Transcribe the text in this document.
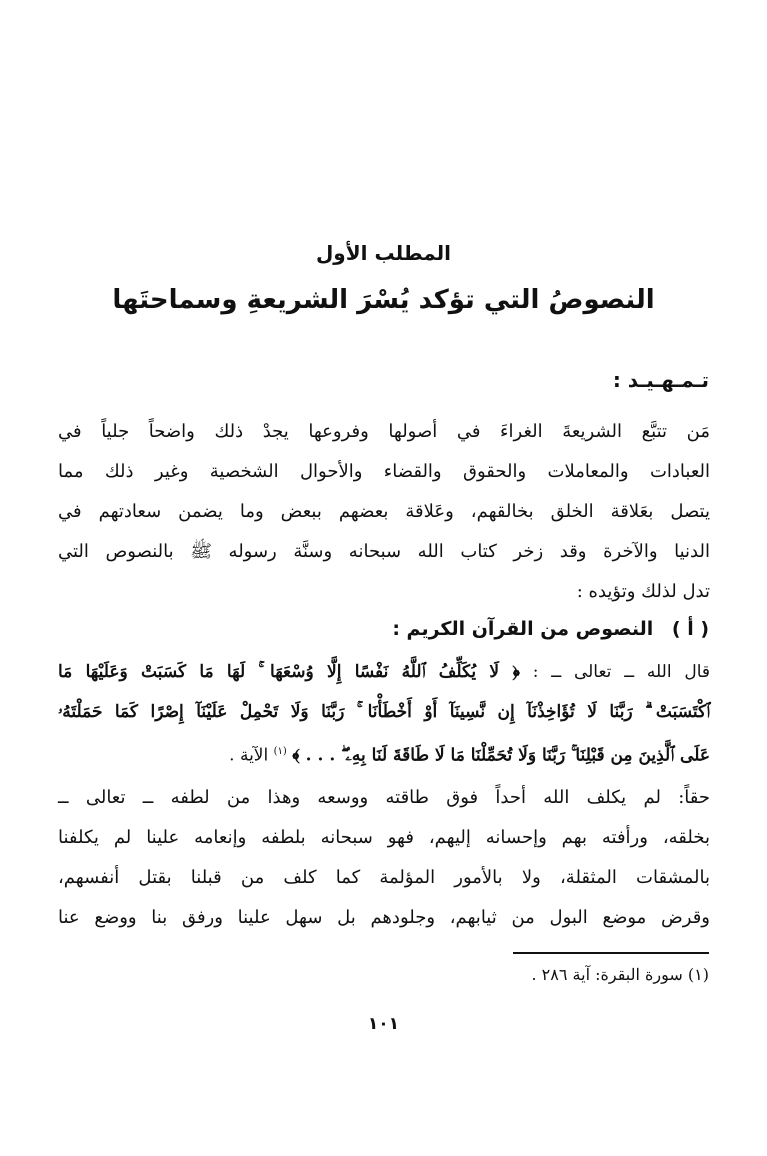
المطلب الأول
النصوصُ التي تؤكد يُسْرَ الشريعةِ وسماحتَها
تـمـهـيـد :
مَن تتبَّع الشريعةَ الغراءَ في أصولها وفروعها يجدْ ذلك واضحاً جلياً في
العبادات والمعاملات والحقوق والقضاء والأحوال الشخصية وغير ذلك مما
يتصل بعَلاقة الخلق بخالقهم، وعَلاقة بعضهم ببعض وما يضمن سعادتهم في
الدنيا والآخرة وقد زخر كتاب الله سبحانه وسنَّة رسوله ﷺ بالنصوص التي
تدل لذلك وتؤيده :
( أ ) النصوص من القرآن الكريم :
قال الله ــ تعالى ــ : ﴿ لَا يُكَلِّفُ ٱللَّهُ نَفْسًا إِلَّا وُسْعَهَا ۚ لَهَا مَا كَسَبَتْ وَعَلَيْهَا مَا
ٱكْتَسَبَتْ ۗ رَبَّنَا لَا تُؤَاخِذْنَآ إِن نَّسِينَآ أَوْ أَخْطَأْنَا ۚ رَبَّنَا وَلَا تَحْمِلْ عَلَيْنَآ إِصْرًا كَمَا حَمَلْتَهُۥ
عَلَى ٱلَّذِينَ مِن قَبْلِنَا ۚ رَبَّنَا وَلَا تُحَمِّلْنَا مَا لَا طَاقَةَ لَنَا بِهِۦ ۖ . . . ﴾ $^{(١)}$ الآية .
حقاً: لم يكلف الله أحداً فوق طاقته ووسعه وهذا من لطفه ــ تعالى ــ
بخلقه، ورأفته بهم وإحسانه إليهم، فهو سبحانه بلطفه وإنعامه علينا لم يكلفنا
بالمشقات المثقلة، ولا بالأمور المؤلمة كما كلف من قبلنا بقتل أنفسهم،
وقرض موضع البول من ثيابهم، وجلودهم بل سهل علينا ورفق بنا ووضع عنا
(١) سورة البقرة: آية ٢٨٦ .
١٠١
